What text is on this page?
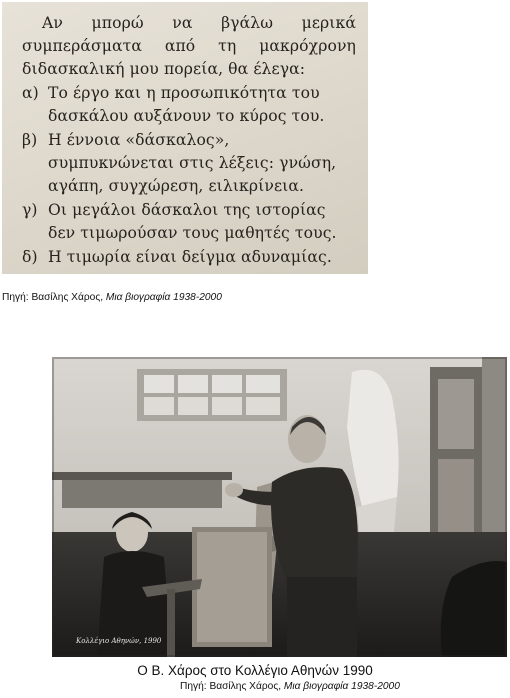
Αν μπορώ να βγάλω μερικά συμπεράσματα από τη μακρόχρονη διδασκαλική μου πορεία, θα έλεγα:

α) Το έργο και η προσωπικότητα του δασκάλου αυξάνουν το κύρος του.
β) Η έννοια «δάσκαλος», συμπυκνώνεται στις λέξεις: γνώση, αγάπη, συγχώρεση, ειλικρίνεια.
γ) Οι μεγάλοι δάσκαλοι της ιστορίας δεν τιμωρούσαν τους μαθητές τους.
δ) Η τιμωρία είναι δείγμα αδυναμίας.
Πηγή: Βασίλης Χάρος, Μια βιογραφία 1938-2000
Κολλέγιο Αθηνών, 1990
Ο Β. Χάρος στο Κολλέγιο Αθηνών 1990
Πηγή: Βασίλης Χάρος, Μια βιογραφία 1938-2000
